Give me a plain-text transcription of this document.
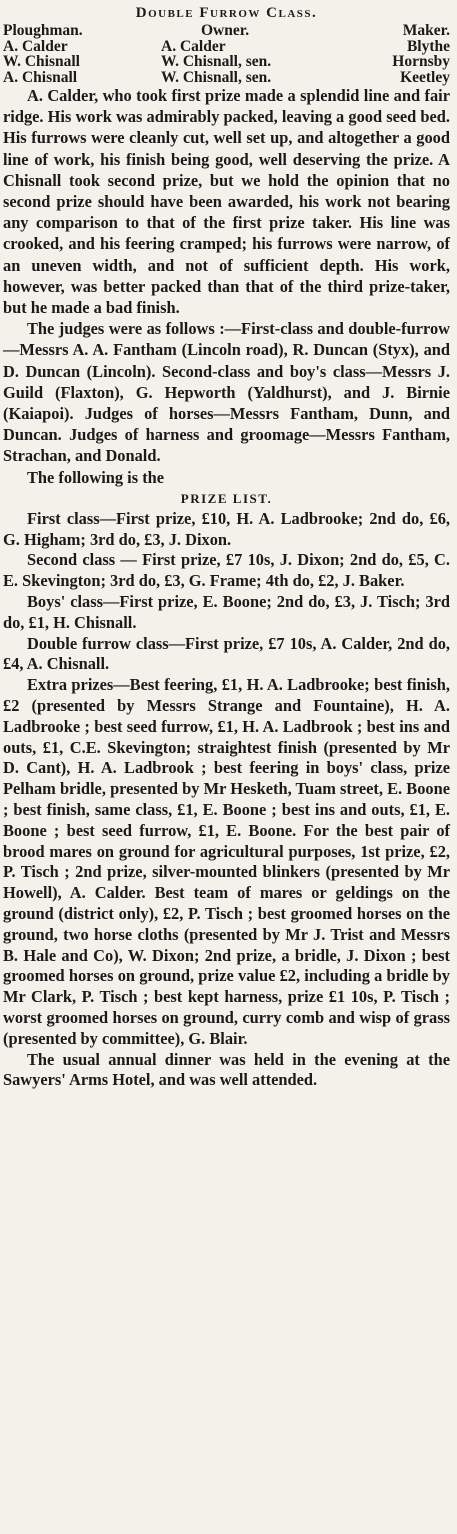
Double Furrow Class.
Ploughman.	Owner.	Maker.
A. Calder	A. Calder	Blythe
W. Chisnall	W. Chisnall, sen.	Hornsby
A. Chisnall	W. Chisnall, sen.	Keetley

A. Calder, who took first prize made a splendid line and fair ridge. His work was admirably packed, leaving a good seed bed. His furrows were cleanly cut, well set up, and altogether a good line of work, his finish being good, well deserving the prize. A Chisnall took second prize, but we hold the opinion that no second prize should have been awarded, his work not bearing any comparison to that of the first prize taker. His line was crooked, and his feering cramped; his furrows were narrow, of an uneven width, and not of sufficient depth. His work, however, was better packed than that of the third prize-taker, but he made a bad finish.

The judges were as follows :—First-class and double-furrow—Messrs A. A. Fantham (Lincoln road), R. Duncan (Styx), and D. Duncan (Lincoln). Second-class and boy's class—Messrs J. Guild (Flaxton), G. Hepworth (Yaldhurst), and J. Birnie (Kaiapoi). Judges of horses—Messrs Fantham, Dunn, and Duncan. Judges of harness and groomage—Messrs Fantham, Strachan, and Donald.

The following is the

PRIZE LIST.

First class—First prize, £10, H. A. Ladbrooke; 2nd do, £6, G. Higham; 3rd do, £3, J. Dixon.

Second class — First prize, £7 10s, J. Dixon; 2nd do, £5, C. E. Skevington; 3rd do, £3, G. Frame; 4th do, £2, J. Baker.

Boys' class—First prize, E. Boone; 2nd do, £3, J. Tisch; 3rd do, £1, H. Chisnall.

Double furrow class—First prize, £7 10s, A. Calder, 2nd do, £4, A. Chisnall.

Extra prizes—Best feering, £1, H. A. Ladbrooke; best finish, £2 (presented by Messrs Strange and Fountaine), H. A. Ladbrooke ; best seed furrow, £1, H. A. Ladbrook ; best ins and outs, £1, C.E. Skevington; straightest finish (presented by Mr D. Cant), H. A. Ladbrook ; best feering in boys' class, prize Pelham bridle, presented by Mr Hesketh, Tuam street, E. Boone ; best finish, same class, £1, E. Boone ; best ins and outs, £1, E. Boone ; best seed furrow, £1, E. Boone. For the best pair of brood mares on ground for agricultural purposes, 1st prize, £2, P. Tisch ; 2nd prize, silver-mounted blinkers (presented by Mr Howell), A. Calder. Best team of mares or geldings on the ground (district only), £2, P. Tisch ; best groomed horses on the ground, two horse cloths (presented by Mr J. Trist and Messrs B. Hale and Co), W. Dixon; 2nd prize, a bridle, J. Dixon ; best groomed horses on ground, prize value £2, including a bridle by Mr Clark, P. Tisch ; best kept harness, prize £1 10s, P. Tisch ; worst groomed horses on ground, curry comb and wisp of grass (presented by committee), G. Blair.

The usual annual dinner was held in the evening at the Sawyers' Arms Hotel, and was well attended.
